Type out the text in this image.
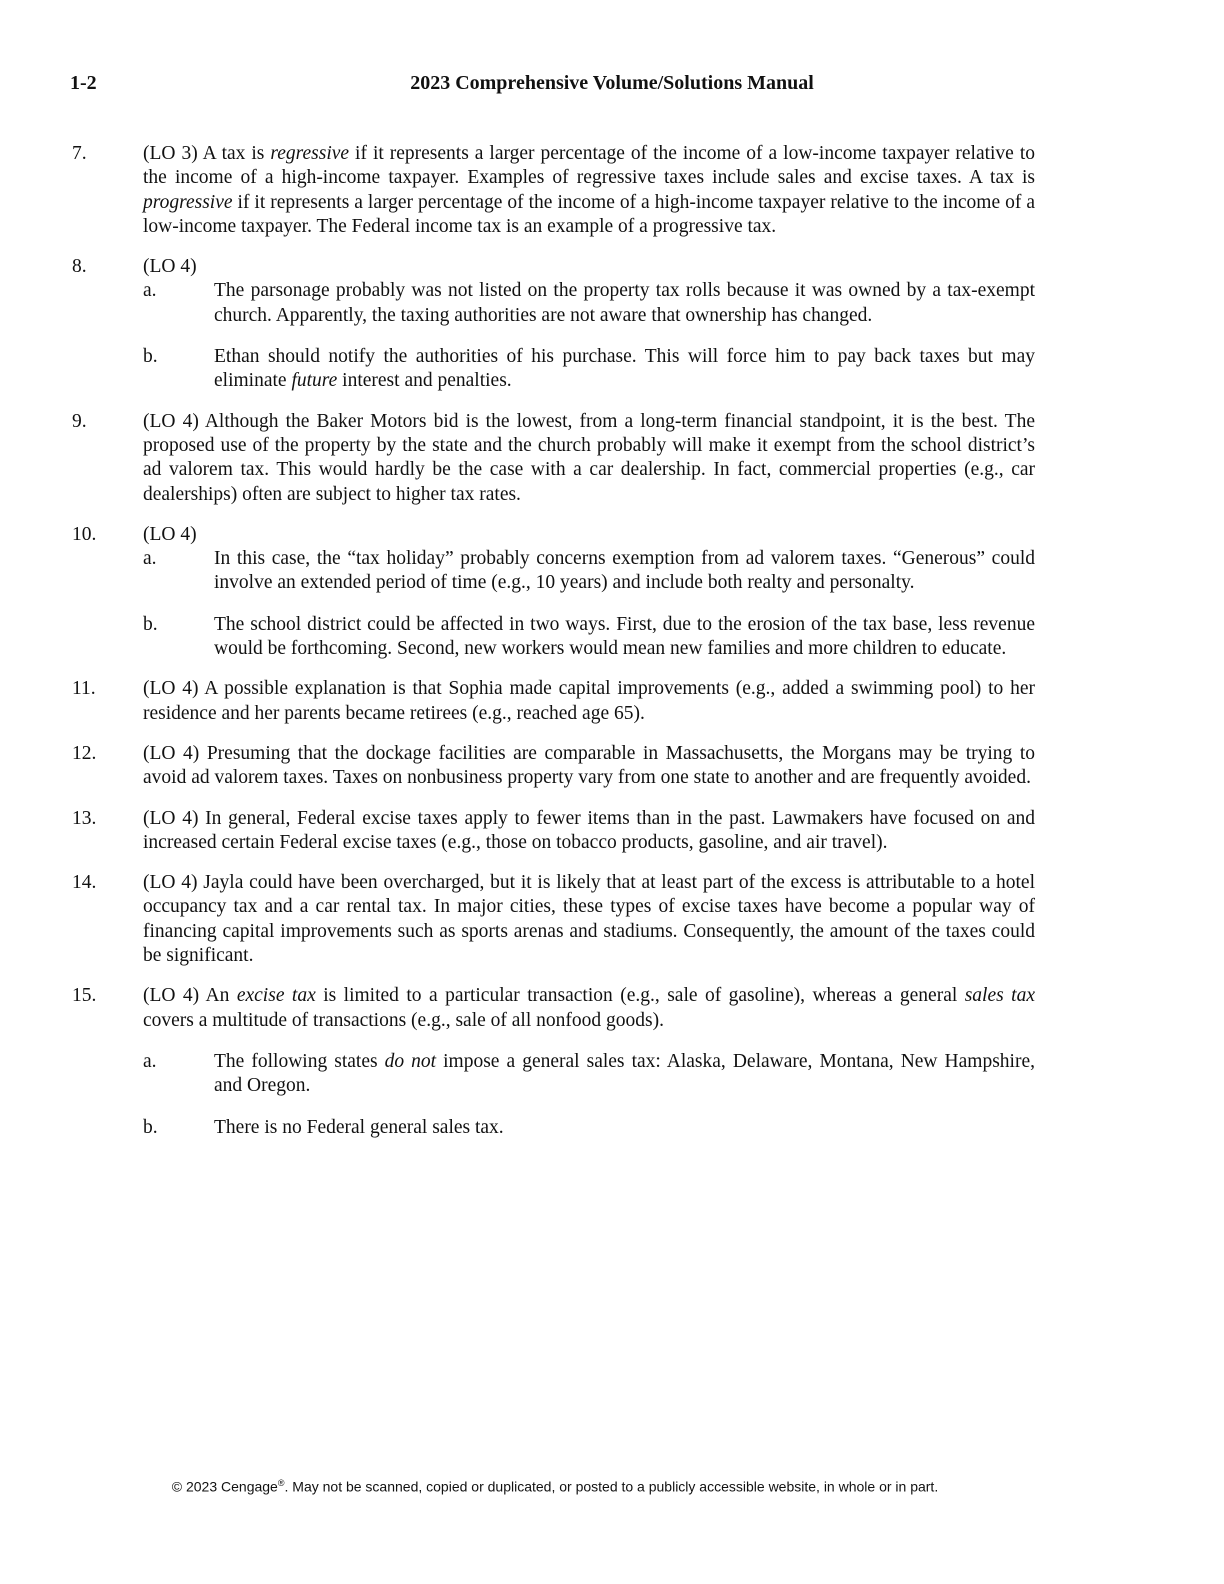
1-2	2023 Comprehensive Volume/Solutions Manual
7.	(LO 3) A tax is regressive if it represents a larger percentage of the income of a low-income taxpayer relative to the income of a high-income taxpayer. Examples of regressive taxes include sales and excise taxes. A tax is progressive if it represents a larger percentage of the income of a high-income taxpayer relative to the income of a low-income taxpayer. The Federal income tax is an example of a progressive tax.
8.	(LO 4)
a.	The parsonage probably was not listed on the property tax rolls because it was owned by a tax-exempt church. Apparently, the taxing authorities are not aware that ownership has changed.
b.	Ethan should notify the authorities of his purchase. This will force him to pay back taxes but may eliminate future interest and penalties.
9.	(LO 4) Although the Baker Motors bid is the lowest, from a long-term financial standpoint, it is the best. The proposed use of the property by the state and the church probably will make it exempt from the school district’s ad valorem tax. This would hardly be the case with a car dealership. In fact, commercial properties (e.g., car dealerships) often are subject to higher tax rates.
10. (LO 4)
a.	In this case, the “tax holiday” probably concerns exemption from ad valorem taxes. “Generous” could involve an extended period of time (e.g., 10 years) and include both realty and personalty.
b.	The school district could be affected in two ways. First, due to the erosion of the tax base, less revenue would be forthcoming. Second, new workers would mean new families and more children to educate.
11. (LO 4) A possible explanation is that Sophia made capital improvements (e.g., added a swimming pool) to her residence and her parents became retirees (e.g., reached age 65).
12. (LO 4) Presuming that the dockage facilities are comparable in Massachusetts, the Morgans may be trying to avoid ad valorem taxes. Taxes on nonbusiness property vary from one state to another and are frequently avoided.
13. (LO 4) In general, Federal excise taxes apply to fewer items than in the past. Lawmakers have focused on and increased certain Federal excise taxes (e.g., those on tobacco products, gasoline, and air travel).
14. (LO 4) Jayla could have been overcharged, but it is likely that at least part of the excess is attributable to a hotel occupancy tax and a car rental tax. In major cities, these types of excise taxes have become a popular way of financing capital improvements such as sports arenas and stadiums. Consequently, the amount of the taxes could be significant.
15. (LO 4) An excise tax is limited to a particular transaction (e.g., sale of gasoline), whereas a general sales tax covers a multitude of transactions (e.g., sale of all nonfood goods).
a.	The following states do not impose a general sales tax: Alaska, Delaware, Montana, New Hampshire, and Oregon.
b.	There is no Federal general sales tax.
© 2023 Cengage®. May not be scanned, copied or duplicated, or posted to a publicly accessible website, in whole or in part.
